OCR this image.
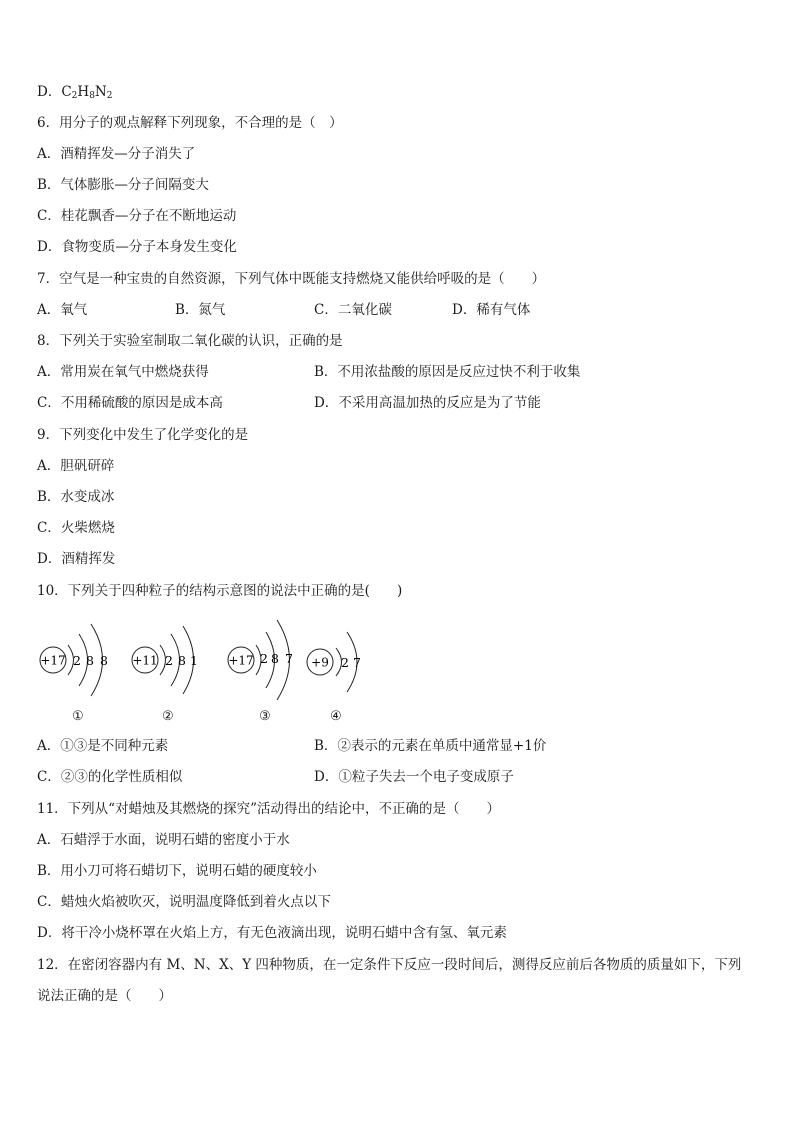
D．$C_2H_8N_2$
6．用分子的观点解释下列现象，不合理的是（　）
A．酒精挥发—分子消失了
B．气体膨胀—分子间隔变大
C．桂花飘香—分子在不断地运动
D．食物变质—分子本身发生变化
7．空气是一种宝贵的自然资源，下列气体中既能支持燃烧又能供给呼吸的是（　　）
A．氧气	B．氮气	C．二氧化碳	D．稀有气体
8．下列关于实验室制取二氧化碳的认识，正确的是
A．常用炭在氧气中燃烧获得	B．不用浓盐酸的原因是反应过快不利于收集
C．不用稀硫酸的原因是成本高	D．不采用高温加热的反应是为了节能
9．下列变化中发生了化学变化的是
A．胆矾研碎
B．水变成冰
C．火柴燃烧
D．酒精挥发
10．下列关于四种粒子的结构示意图的说法中正确的是(　　)
+17 2 8 8
①
+11 2 8 1
②
+17 2 8 7
③
+9 2 7
④
A．①③是不同种元素	B．②表示的元素在单质中通常显+1价
C．②③的化学性质相似	D．①粒子失去一个电子变成原子
11．下列从“对蜡烛及其燃烧的探究”活动得出的结论中，不正确的是（　　）
A．石蜡浮于水面，说明石蜡的密度小于水
B．用小刀可将石蜡切下，说明石蜡的硬度较小
C．蜡烛火焰被吹灭，说明温度降低到着火点以下
D．将干冷小烧杯罩在火焰上方，有无色液滴出现，说明石蜡中含有氢、氧元素
12．在密闭容器内有 M、N、X、Y 四种物质，在一定条件下反应一段时间后，测得反应前后各物质的质量如下，下列
说法正确的是（　　）
